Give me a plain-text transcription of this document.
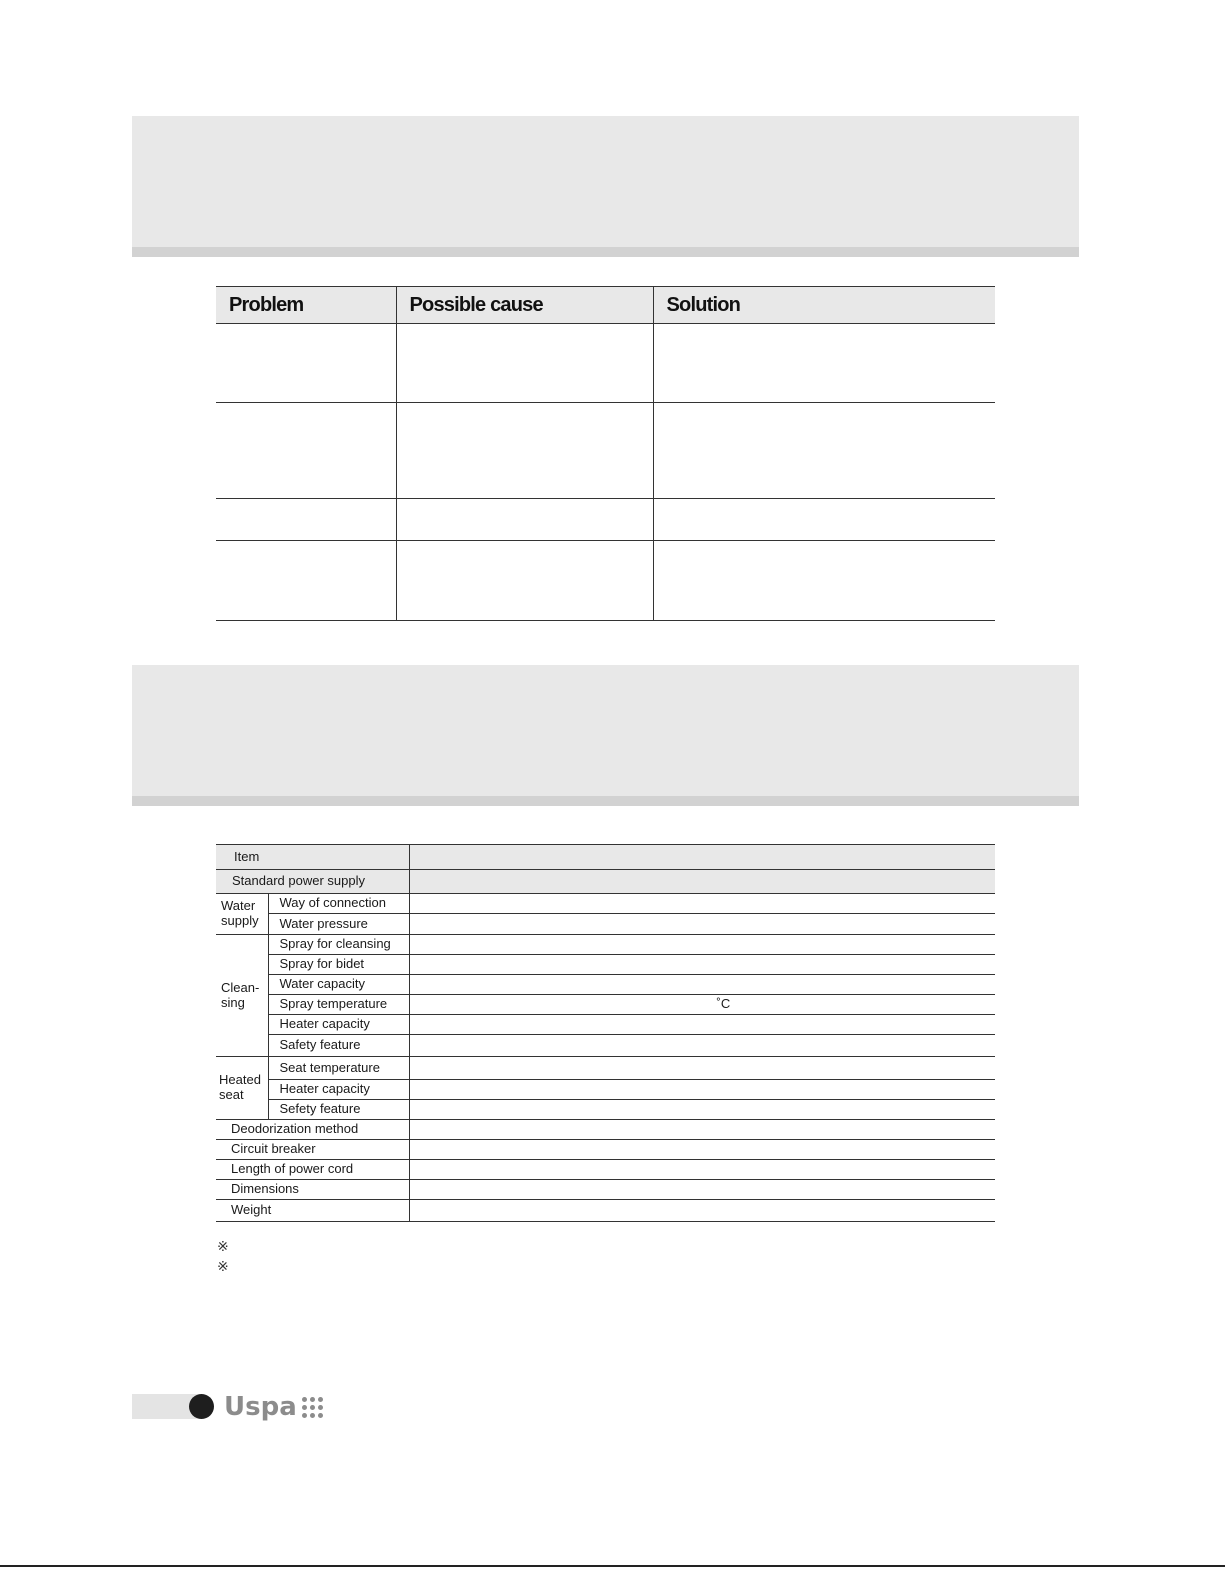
Problem	Possible cause	Solution

Item		
Standard power supply		
Water
supply	Way of connection	
	Water pressure	
Clean-
sing	Spray for cleansing	
	Spray for bidet	
	Water capacity	
	Spray temperature	˚C
	Heater capacity	
	Safety feature	
Heated
seat	Seat temperature	
	Heater capacity	
	Sefety feature	
Deodorization method		
Circuit breaker		
Length of power cord		
Dimensions		
Weight		
※
※
Uspa
